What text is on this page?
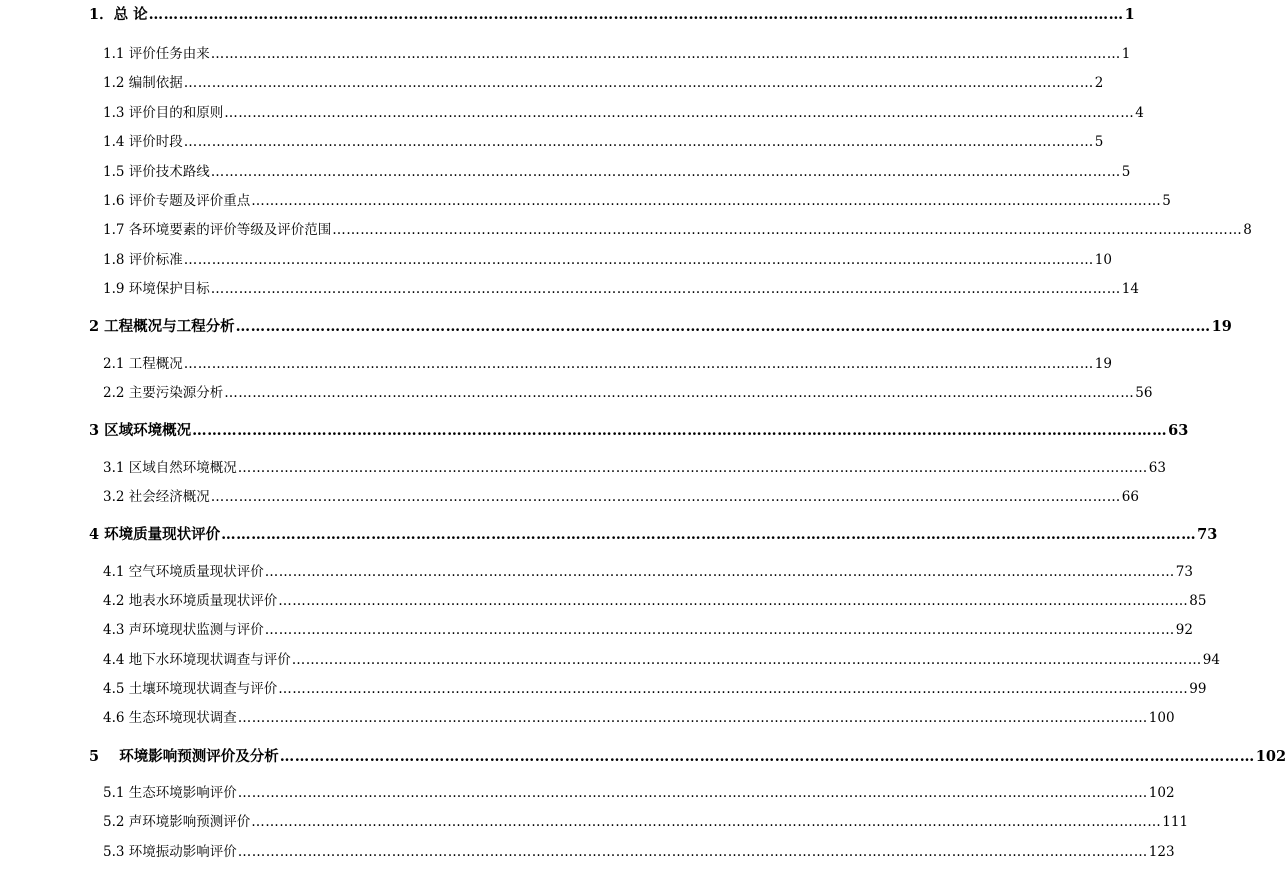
1．总 论 …………………………………………………………………………………………………………………………………………………………………………… 1
1.1 评价任务由来 …………………………………………………………………………………………………………………………………………………………………………… 1
1.2 编制依据 …………………………………………………………………………………………………………………………………………………………………………… 2
1.3 评价目的和原则 …………………………………………………………………………………………………………………………………………………………………………… 4
1.4 评价时段 …………………………………………………………………………………………………………………………………………………………………………… 5
1.5 评价技术路线 …………………………………………………………………………………………………………………………………………………………………………… 5
1.6 评价专题及评价重点 …………………………………………………………………………………………………………………………………………………………………………… 5
1.7 各环境要素的评价等级及评价范围 …………………………………………………………………………………………………………………………………………………………………………… 8
1.8 评价标准 …………………………………………………………………………………………………………………………………………………………………………… 10
1.9 环境保护目标 …………………………………………………………………………………………………………………………………………………………………………… 14
2 工程概况与工程分析 …………………………………………………………………………………………………………………………………………………………………………… 19
2.1 工程概况 …………………………………………………………………………………………………………………………………………………………………………… 19
2.2 主要污染源分析 …………………………………………………………………………………………………………………………………………………………………………… 56
3 区域环境概况 …………………………………………………………………………………………………………………………………………………………………………… 63
3.1 区域自然环境概况 …………………………………………………………………………………………………………………………………………………………………………… 63
3.2 社会经济概况 …………………………………………………………………………………………………………………………………………………………………………… 66
4 环境质量现状评价 …………………………………………………………………………………………………………………………………………………………………………… 73
4.1 空气环境质量现状评价 …………………………………………………………………………………………………………………………………………………………………………… 73
4.2 地表水环境质量现状评价 …………………………………………………………………………………………………………………………………………………………………………… 85
4.3 声环境现状监测与评价 …………………………………………………………………………………………………………………………………………………………………………… 92
4.4 地下水环境现状调查与评价 …………………………………………………………………………………………………………………………………………………………………………… 94
4.5 土壤环境现状调查与评价 …………………………………………………………………………………………………………………………………………………………………………… 99
4.6 生态环境现状调查 …………………………………………………………………………………………………………………………………………………………………………… 100
5    环境影响预测评价及分析 …………………………………………………………………………………………………………………………………………………………………………… 102
5.1 生态环境影响评价 …………………………………………………………………………………………………………………………………………………………………………… 102
5.2 声环境影响预测评价 …………………………………………………………………………………………………………………………………………………………………………… 111
5.3 环境振动影响评价 …………………………………………………………………………………………………………………………………………………………………………… 123
